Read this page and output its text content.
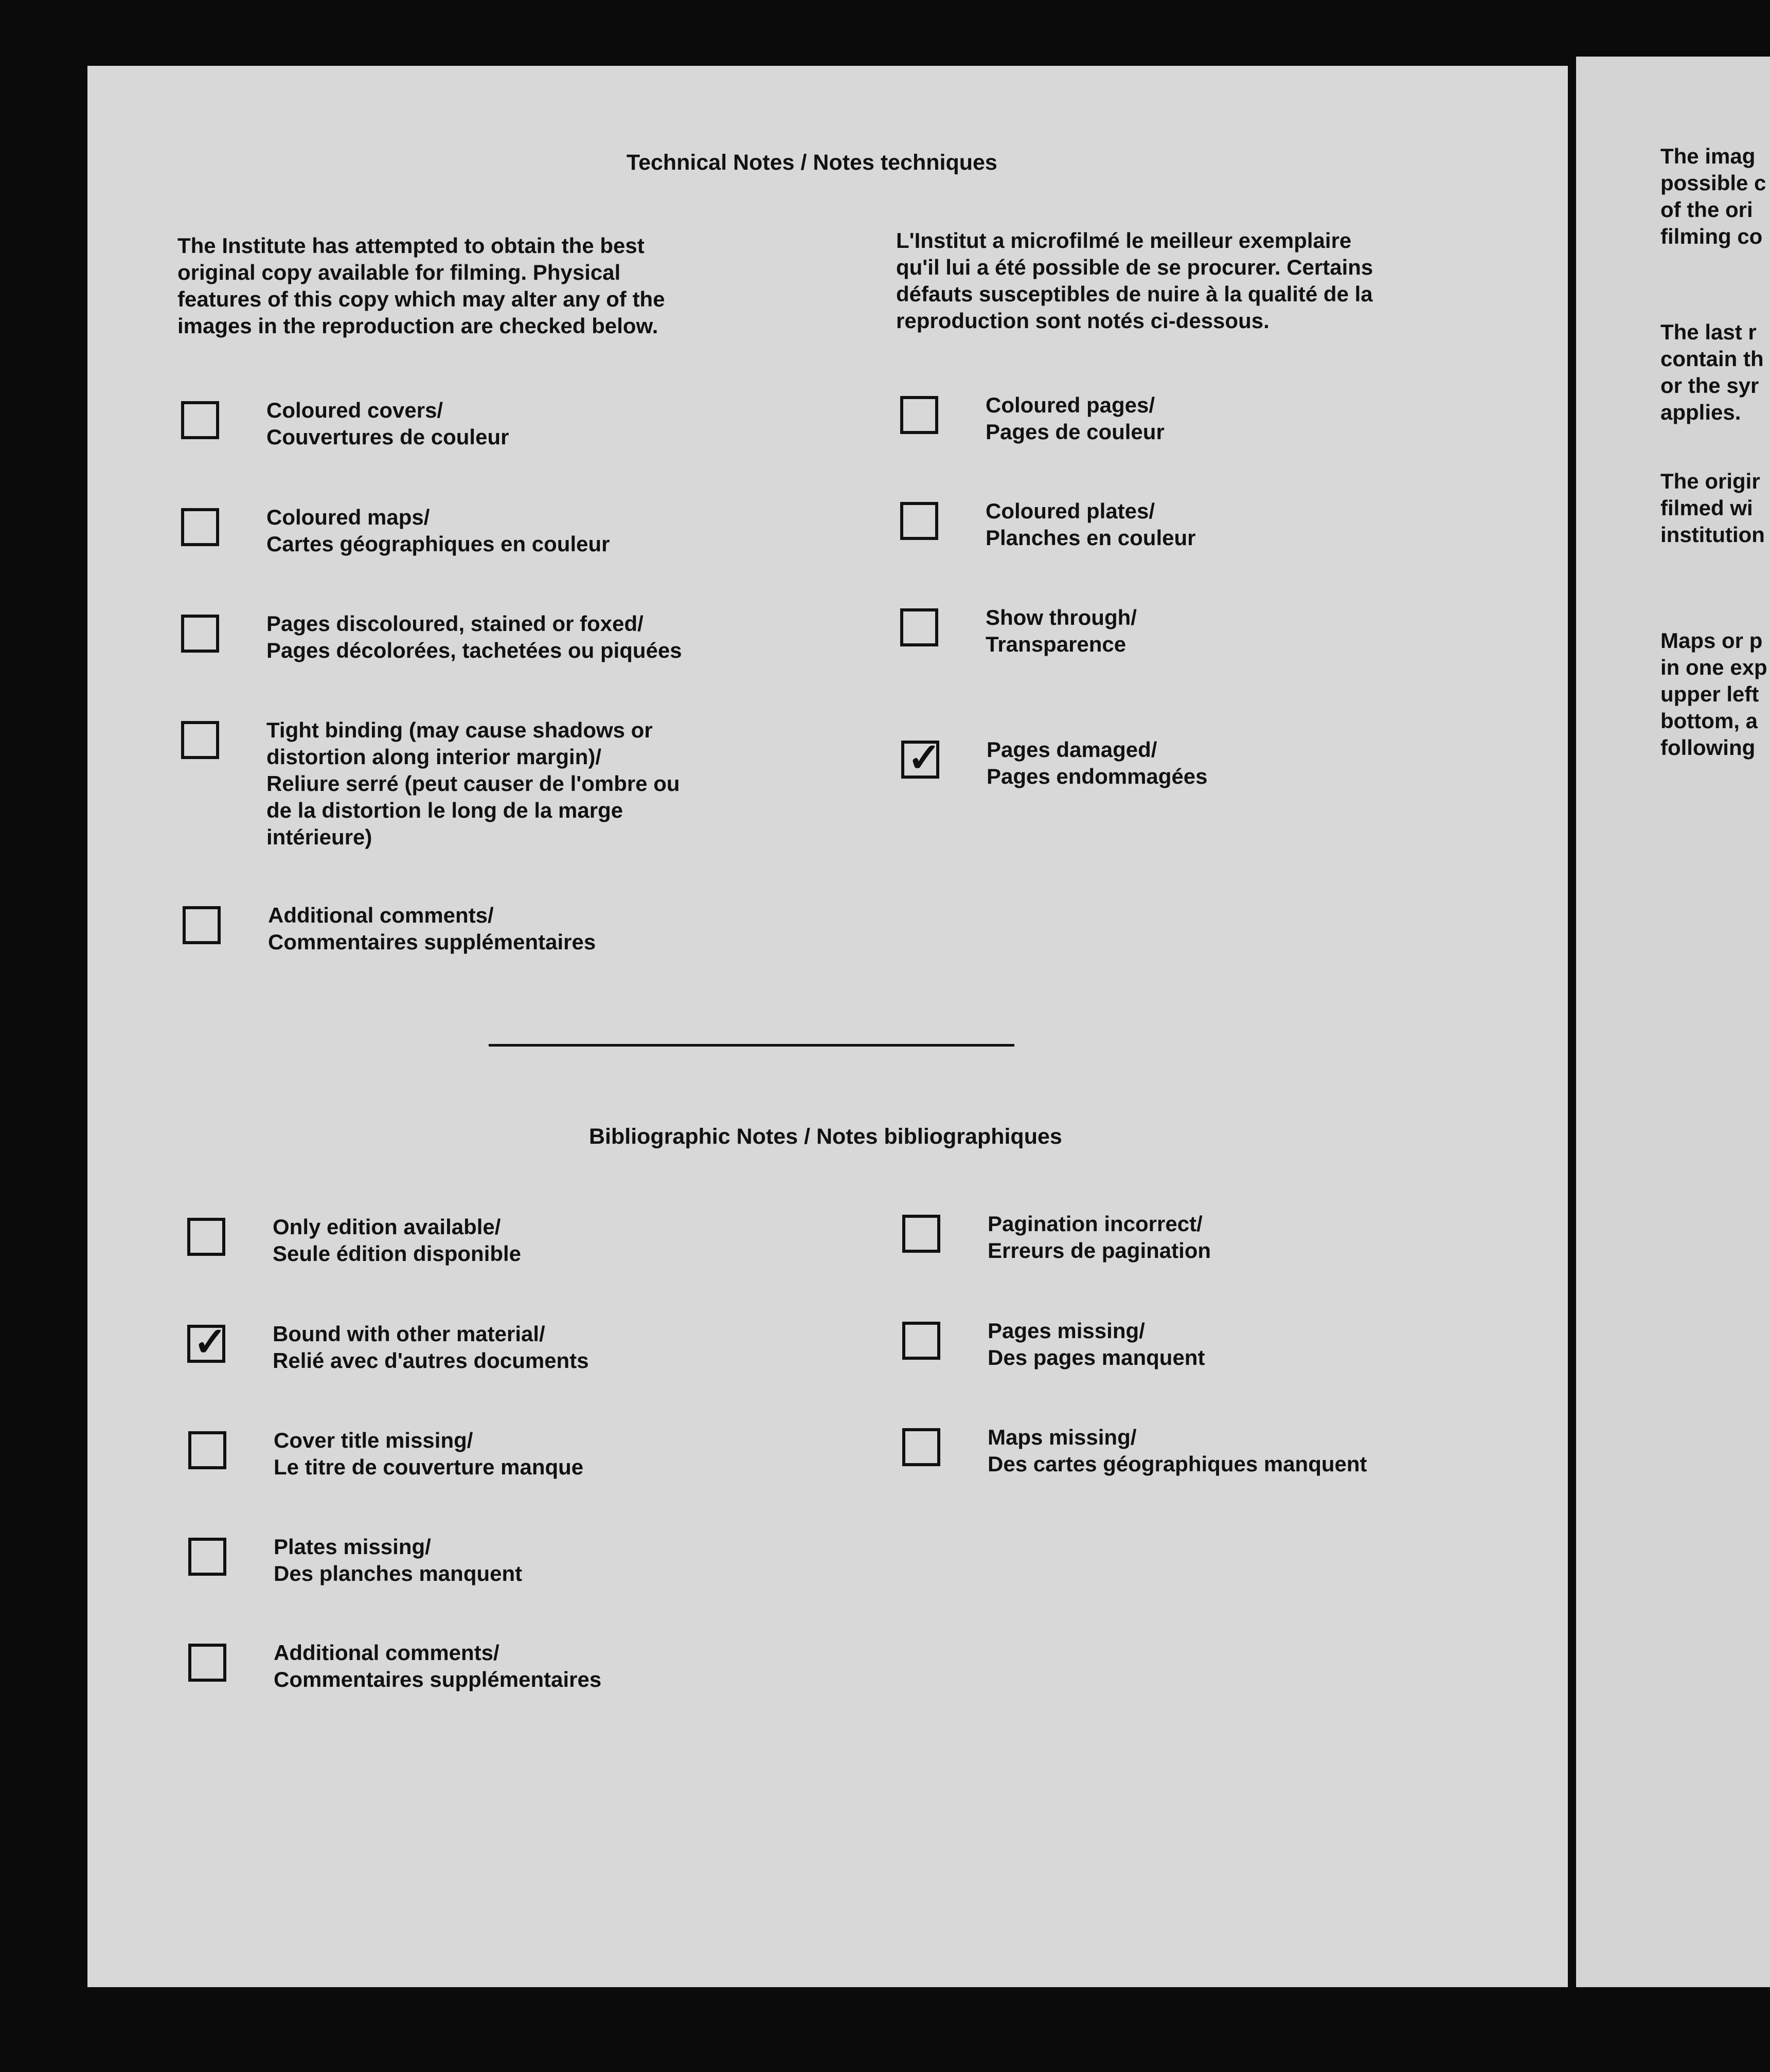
Technical Notes / Notes techniques
The Institute has attempted to obtain the best
original copy available for filming. Physical
features of this copy which may alter any of the
images in the reproduction are checked below.
L'Institut a microfilmé le meilleur exemplaire
qu'il lui a été possible de se procurer. Certains
défauts susceptibles de nuire à la qualité de la
reproduction sont notés ci-dessous.
Coloured covers/
Couvertures de couleur
Coloured maps/
Cartes géographiques en couleur
Pages discoloured, stained or foxed/
Pages décolorées, tachetées ou piquées
Tight binding (may cause shadows or
distortion along interior margin)/
Reliure serré (peut causer de l'ombre ou
de la distortion le long de la marge
intérieure)
Additional comments/
Commentaires supplémentaires
Coloured pages/
Pages de couleur
Coloured plates/
Planches en couleur
Show through/
Transparence
✓ Pages damaged/
Pages endommagées
Bibliographic Notes / Notes bibliographiques
Only edition available/
Seule édition disponible
✓ Bound with other material/
Relié avec d'autres documents
Cover title missing/
Le titre de couverture manque
Plates missing/
Des planches manquent
Additional comments/
Commentaires supplémentaires
Pagination incorrect/
Erreurs de pagination
Pages missing/
Des pages manquent
Maps missing/
Des cartes géographiques manquent
The imag
possible c
of the ori
filming co
The last r
contain th
or the syr
applies.
The origir
filmed wi
institution
Maps or p
in one exp
upper left
bottom, a
following
